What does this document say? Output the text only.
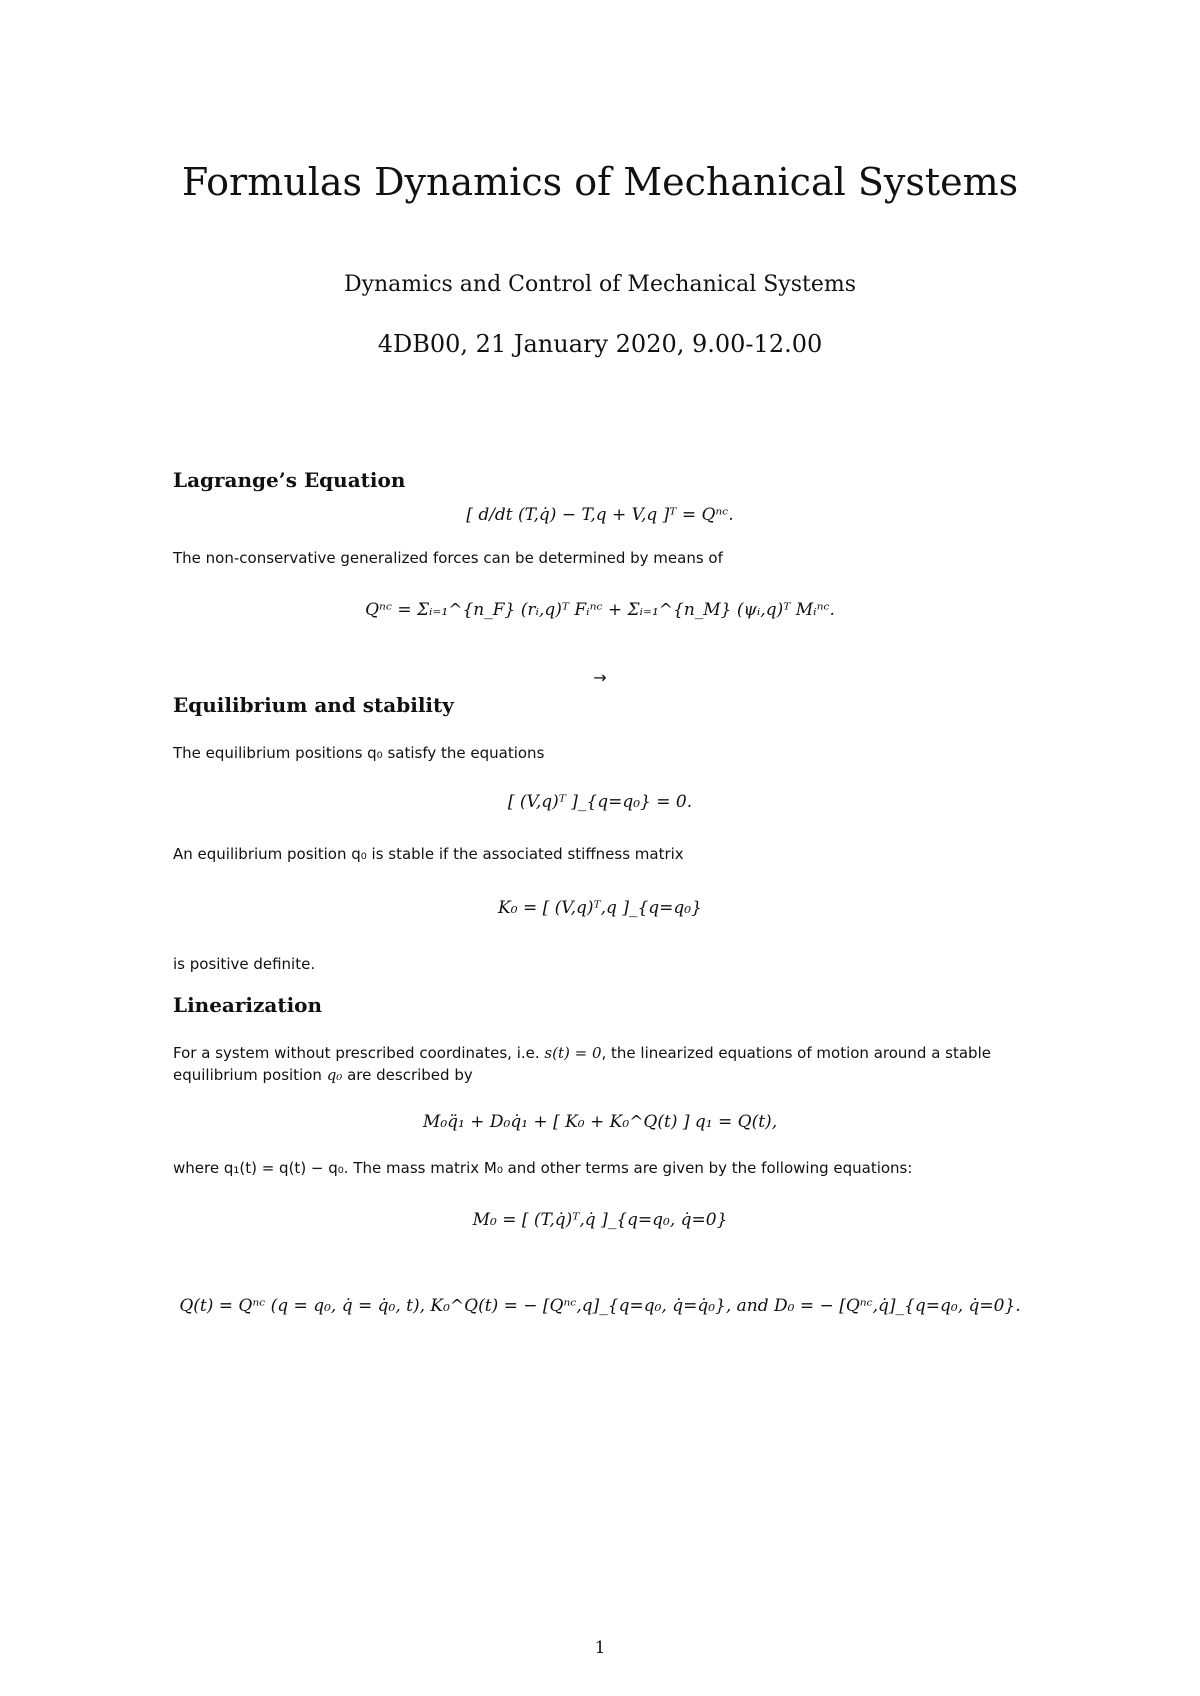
Formulas Dynamics of Mechanical Systems
Dynamics and Control of Mechanical Systems
4DB00, 21 January 2020, 9.00-12.00
Lagrange’s Equation
[ d/dt (T,q̇) − T,q + V,q ]ᵀ = Qⁿᶜ.
The non-conservative generalized forces can be determined by means of
Qⁿᶜ = Σᵢ₌₁^{n_F} (rᵢ,q)ᵀ Fᵢⁿᶜ + Σᵢ₌₁^{n_M} (ψᵢ,q)ᵀ Mᵢⁿᶜ.
→
Equilibrium and stability
The equilibrium positions q₀ satisfy the equations
[ (V,q)ᵀ ]_{q=q₀} = 0.
An equilibrium position q₀ is stable if the associated stiffness matrix
K₀ = [ (V,q)ᵀ,q ]_{q=q₀}
is positive definite.
Linearization
For a system without prescribed coordinates, i.e. s(t) = 0, the linearized equations of motion around a stable equilibrium position q₀ are described by
M₀q̈₁ + D₀q̇₁ + [ K₀ + K₀^Q(t) ] q₁ = Q(t),
where q₁(t) = q(t) − q₀. The mass matrix M₀ and other terms are given by the following equations:
M₀ = [ (T,q̇)ᵀ,q̇ ]_{q=q₀, q̇=0}
Q(t) = Qⁿᶜ (q = q₀, q̇ = q̇₀, t), K₀^Q(t) = − [Qⁿᶜ,q]_{q=q₀, q̇=q̇₀}, and D₀ = − [Qⁿᶜ,q̇]_{q=q₀, q̇=0}.
1
